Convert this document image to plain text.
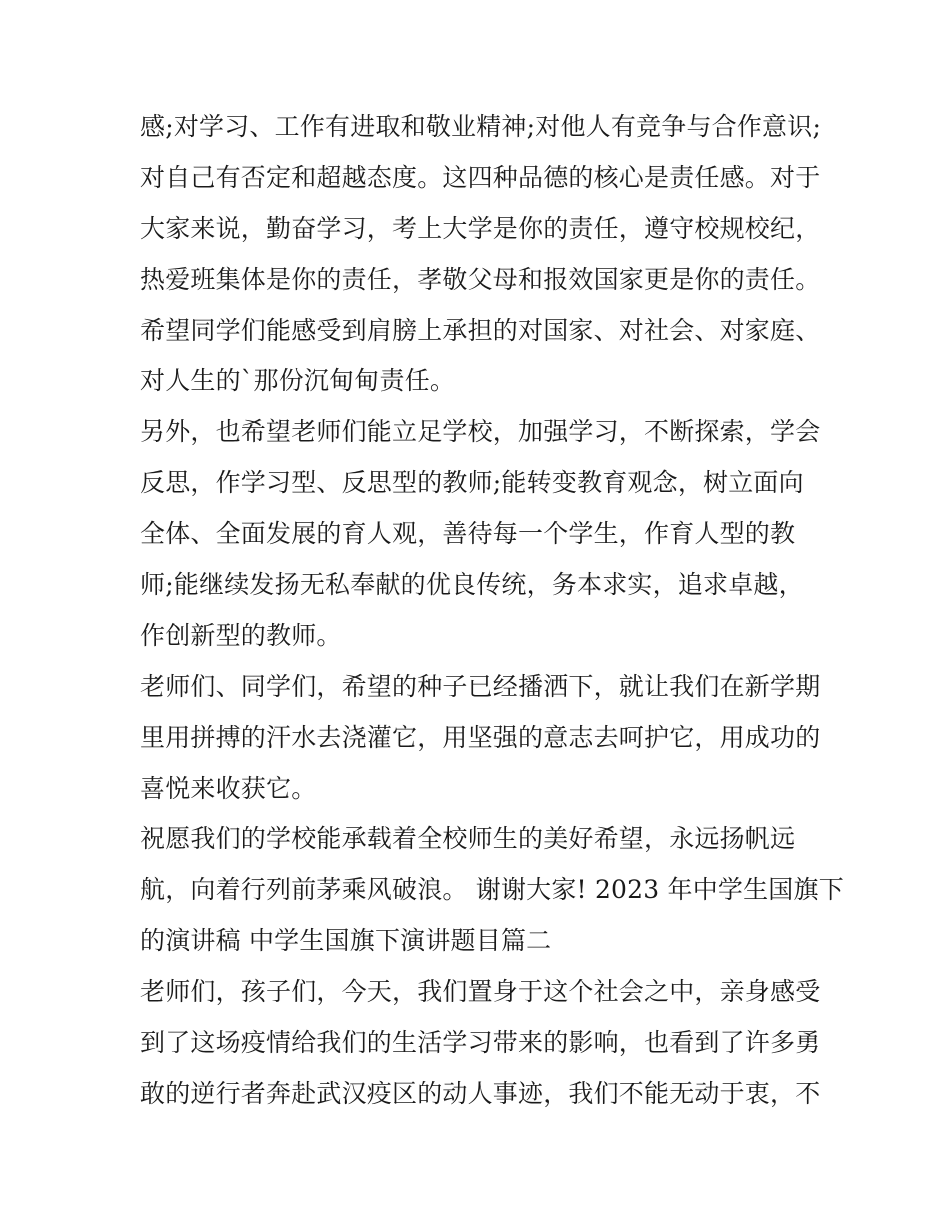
感;对学习、工作有进取和敬业精神;对他人有竞争与合作意识;
对自己有否定和超越态度。这四种品德的核心是责任感。对于
大家来说，勤奋学习，考上大学是你的责任，遵守校规校纪，
热爱班集体是你的责任，孝敬父母和报效国家更是你的责任。
希望同学们能感受到肩膀上承担的对国家、对社会、对家庭、
对人生的`那份沉甸甸责任。
另外，也希望老师们能立足学校，加强学习，不断探索，学会
反思，作学习型、反思型的教师;能转变教育观念，树立面向
全体、全面发展的育人观，善待每一个学生，作育人型的教
师;能继续发扬无私奉献的优良传统，务本求实，追求卓越，
作创新型的教师。
老师们、同学们，希望的种子已经播洒下，就让我们在新学期
里用拼搏的汗水去浇灌它，用坚强的意志去呵护它，用成功的
喜悦来收获它。
祝愿我们的学校能承载着全校师生的美好希望，永远扬帆远
航，向着行列前茅乘风破浪。 谢谢大家! 2023 年中学生国旗下
的演讲稿 中学生国旗下演讲题目篇二
老师们，孩子们，今天，我们置身于这个社会之中，亲身感受
到了这场疫情给我们的生活学习带来的影响，也看到了许多勇
敢的逆行者奔赴武汉疫区的动人事迹，我们不能无动于衷，不
